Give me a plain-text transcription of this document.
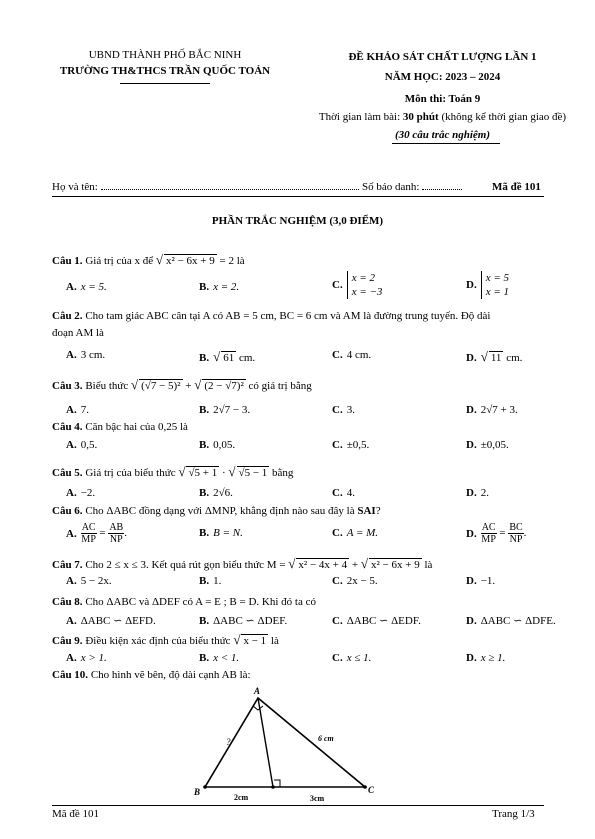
UBND THÀNH PHỐ BẮC NINH
TRƯỜNG TH&THCS TRẦN QUỐC TOẢN
ĐỀ KHẢO SÁT CHẤT LƯỢNG LẦN 1
NĂM HỌC: 2023 – 2024
Môn thi: Toán 9
Thời gian làm bài: 30 phút (không kể thời gian giao đề)
(30 câu trắc nghiệm)
Họ và tên:	Số báo danh:	Mã đề 101
PHẦN TRẮC NGHIỆM (3,0 ĐIỂM)
Câu 1. Giá trị của x để √ x² − 6x + 9 = 2 là
A. x = 5.	B. x = 2.	C.x = 2
x = −3
D.x = 5
x = 1
Câu 2. Cho tam giác ABC cân tại A có AB = 5 cm, BC = 6 cm và AM là đường trung tuyến. Độ dài
đoạn AM là
A. 3 cm.	B. √ 61 cm.	C. 4 cm.	D. √ 11 cm.
Câu 3. Biểu thức √ (√7 − 5)² + √ (2 − √7)² có giá trị bằng
A. 7.	B. 2√7 − 3.	C. 3.	D. 2√7 + 3.
Câu 4. Căn bậc hai của 0,25 là
A. 0,5.	B. 0,05.	C. ±0,5.	D. ±0,05.
Câu 5. Giá trị của biểu thức √ √5 + 1 · √ √5 − 1 bằng
A. −2.	B. 2√6.	C. 4.	D. 2.
Câu 6. Cho ΔABC đồng dạng với ΔMNP, khẳng định nào sau đây là SAI?
A. $\frac{AC}{MP} = \frac{AB}{NP}$ .	B. B = N.	C. A = M.	D. $\frac{AC}{MP} = \frac{BC}{NP}$ .
Câu 7. Cho 2 ≤ x ≤ 3. Kết quả rút gọn biểu thức M = √ x² − 4x + 4 + √ x² − 6x + 9 là
A. 5 − 2x.	B. 1.	C. 2x − 5.	D. −1.
Câu 8. Cho ΔABC và ΔDEF có A = E ; B = D. Khi đó ta có
A. ΔABC ∽ ΔEFD.	B. ΔABC ∽ ΔDEF.	C. ΔABC ∽ ΔEDF.	D. ΔABC ∽ ΔDFE.
Câu 9. Điều kiện xác định của biểu thức √ x − 1 là
A. x > 1.	B. x < 1.	C. x ≤ 1.	D. x ≥ 1.
Câu 10. Cho hình vẽ bên, độ dài cạnh AB là:
A
B	C
?	6 cm
2cm	3cm
Mã đề 101	Trang 1/3
